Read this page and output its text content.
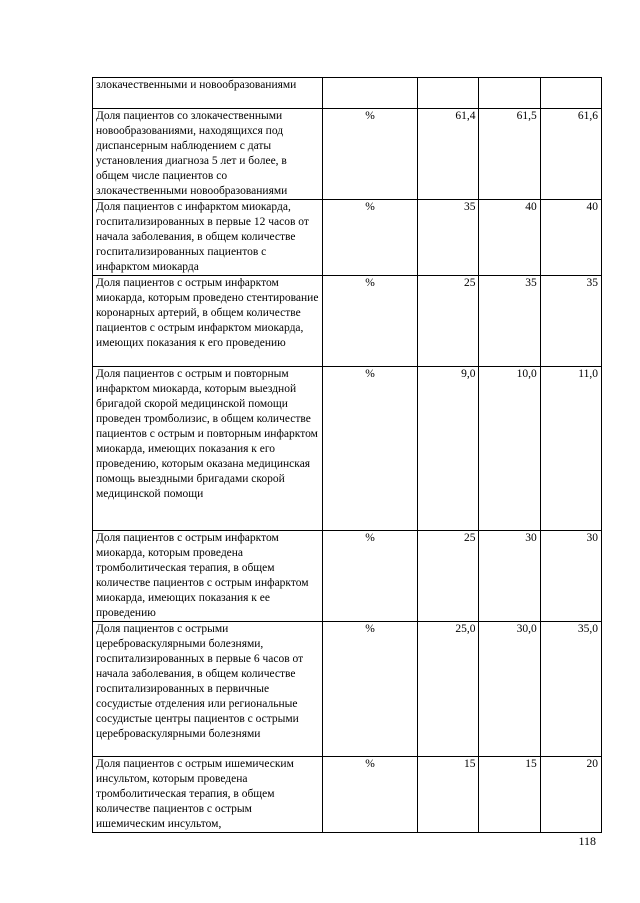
злокачественными и новообразованиями				
Доля пациентов со злокачественными новообразованиями, находящихся под диспансерным наблюдением с даты установления диагноза 5 лет и более, в общем числе пациентов со злокачественными новообразованиями	%	61,4	61,5	61,6
Доля пациентов с инфарктом миокарда, госпитализированных в первые 12 часов от начала заболевания, в общем количестве госпитализированных пациентов с инфарктом миокарда	%	35	40	40
Доля пациентов с острым инфарктом миокарда, которым проведено стентирование коронарных артерий, в общем количестве пациентов с острым инфарктом миокарда, имеющих показания к его проведению	%	25	35	35
Доля пациентов с острым и повторным инфарктом миокарда, которым выездной бригадой скорой медицинской помощи проведен тромболизис, в общем количестве пациентов с острым и повторным инфарктом миокарда, имеющих показания к его проведению, которым оказана медицинская помощь выездными бригадами скорой медицинской помощи	%	9,0	10,0	11,0
Доля пациентов с острым инфарктом миокарда, которым проведена тромболитическая терапия, в общем количестве пациентов с острым инфарктом миокарда, имеющих показания к ее проведению	%	25	30	30
Доля пациентов с острыми цереброваскулярными болезнями, госпитализированных в первые 6 часов от начала заболевания, в общем количестве госпитализированных в первичные сосудистые отделения или региональные сосудистые центры пациентов с острыми цереброваскулярными болезнями	%	25,0	30,0	35,0
Доля пациентов с острым ишемическим инсультом, которым проведена тромболитическая терапия, в общем количестве пациентов с острым ишемическим инсультом,	%	15	15	20
118
